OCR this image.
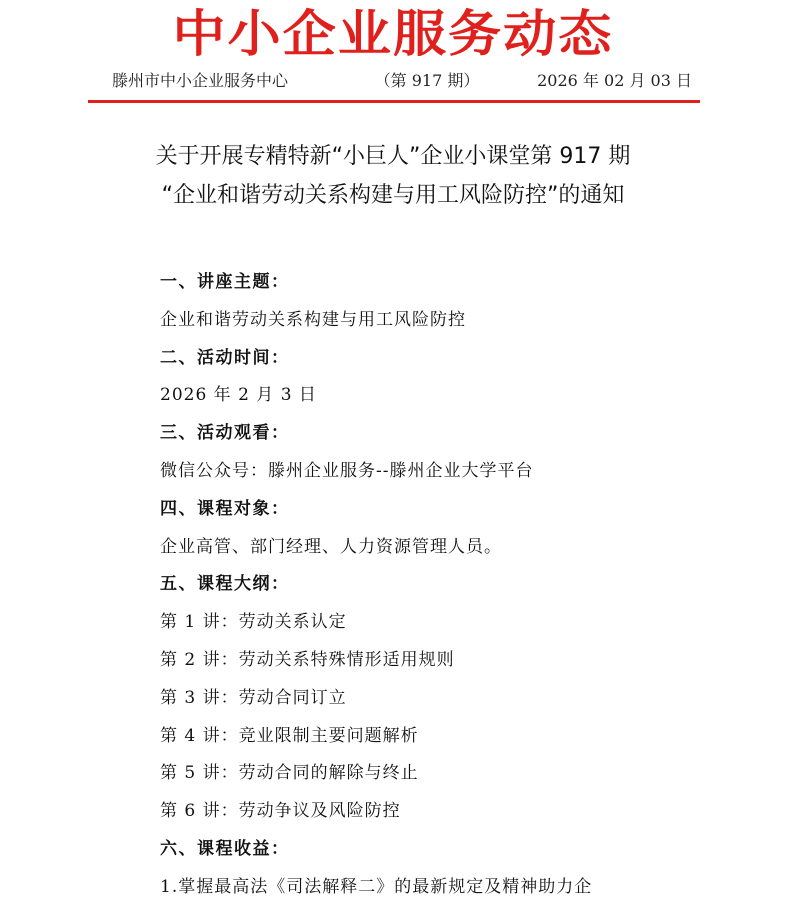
中小企业服务动态
滕州市中小企业服务中心	（第 917 期）	2026 年 02 月 03 日
关于开展专精特新“小巨人”企业小课堂第 917 期
“企业和谐劳动关系构建与用工风险防控”的通知
一、讲座主题：
企业和谐劳动关系构建与用工风险防控
二、活动时间：
2026 年 2 月 3 日
三、活动观看：
微信公众号：滕州企业服务--滕州企业大学平台
四、课程对象：
企业高管、部门经理、人力资源管理人员。
五、课程大纲：
第 1 讲：劳动关系认定
第 2 讲：劳动关系特殊情形适用规则
第 3 讲：劳动合同订立
第 4 讲：竞业限制主要问题解析
第 5 讲：劳动合同的解除与终止
第 6 讲：劳动争议及风险防控
六、课程收益：
1.掌握最高法《司法解释二》的最新规定及精神助力企
